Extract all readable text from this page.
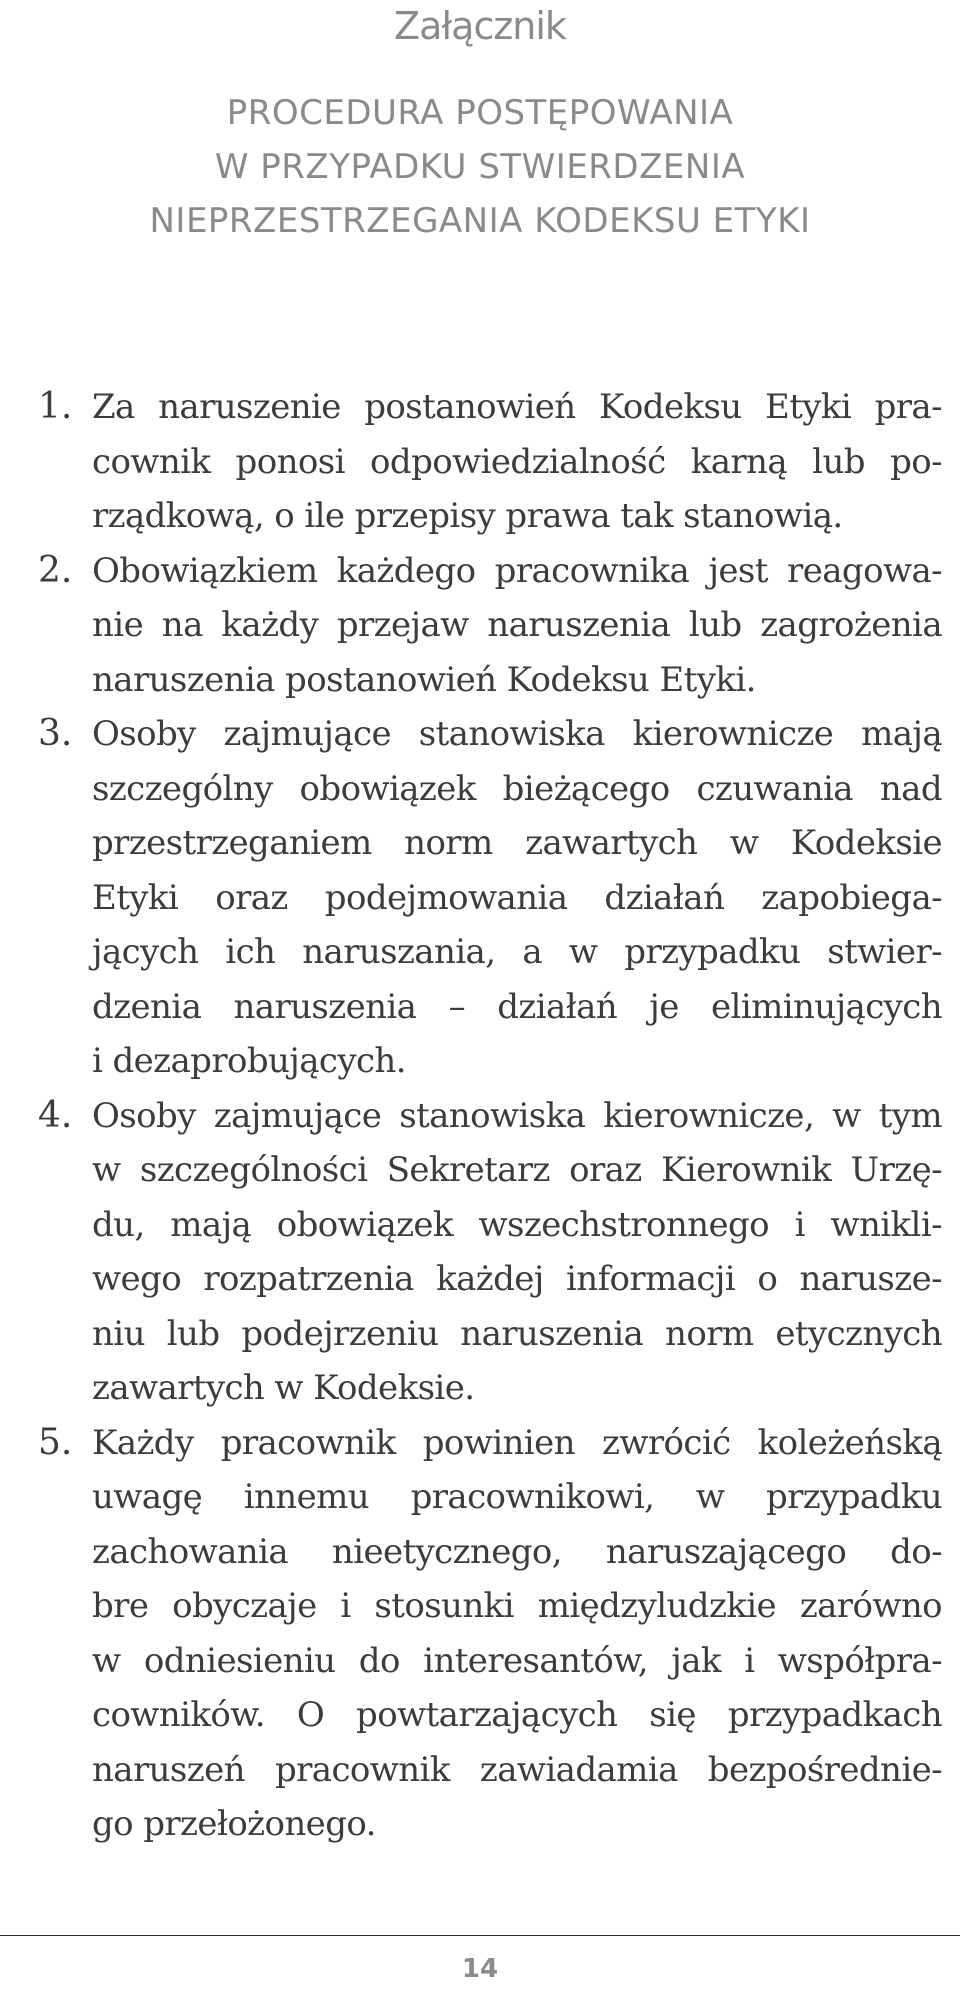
Załącznik
PROCEDURA POSTĘPOWANIA
W PRZYPADKU STWIERDZENIA
NIEPRZESTRZEGANIA KODEKSU ETYKI
1. Za naruszenie postanowień Kodeksu Etyki pra-
cownik ponosi odpowiedzialność karną lub po-
rządkową, o ile przepisy prawa tak stanowią.
2. Obowiązkiem każdego pracownika jest reagowa-
nie na każdy przejaw naruszenia lub zagrożenia
naruszenia postanowień Kodeksu Etyki.
3. Osoby zajmujące stanowiska kierownicze mają
szczególny obowiązek bieżącego czuwania nad
przestrzeganiem norm zawartych w Kodeksie
Etyki oraz podejmowania działań zapobiega-
jących ich naruszania, a w przypadku stwier-
dzenia naruszenia – działań je eliminujących
i dezaprobujących.
4. Osoby zajmujące stanowiska kierownicze, w tym
w szczególności Sekretarz oraz Kierownik Urzę-
du, mają obowiązek wszechstronnego i wnikli-
wego rozpatrzenia każdej informacji o narusze-
niu lub podejrzeniu naruszenia norm etycznych
zawartych w Kodeksie.
5. Każdy pracownik powinien zwrócić koleżeńską
uwagę innemu pracownikowi, w przypadku
zachowania nieetycznego, naruszającego do-
bre obyczaje i stosunki międzyludzkie zarówno
w odniesieniu do interesantów, jak i współpra-
cowników. O powtarzających się przypadkach
naruszeń pracownik zawiadamia bezpośrednie-
go przełożonego.
14
